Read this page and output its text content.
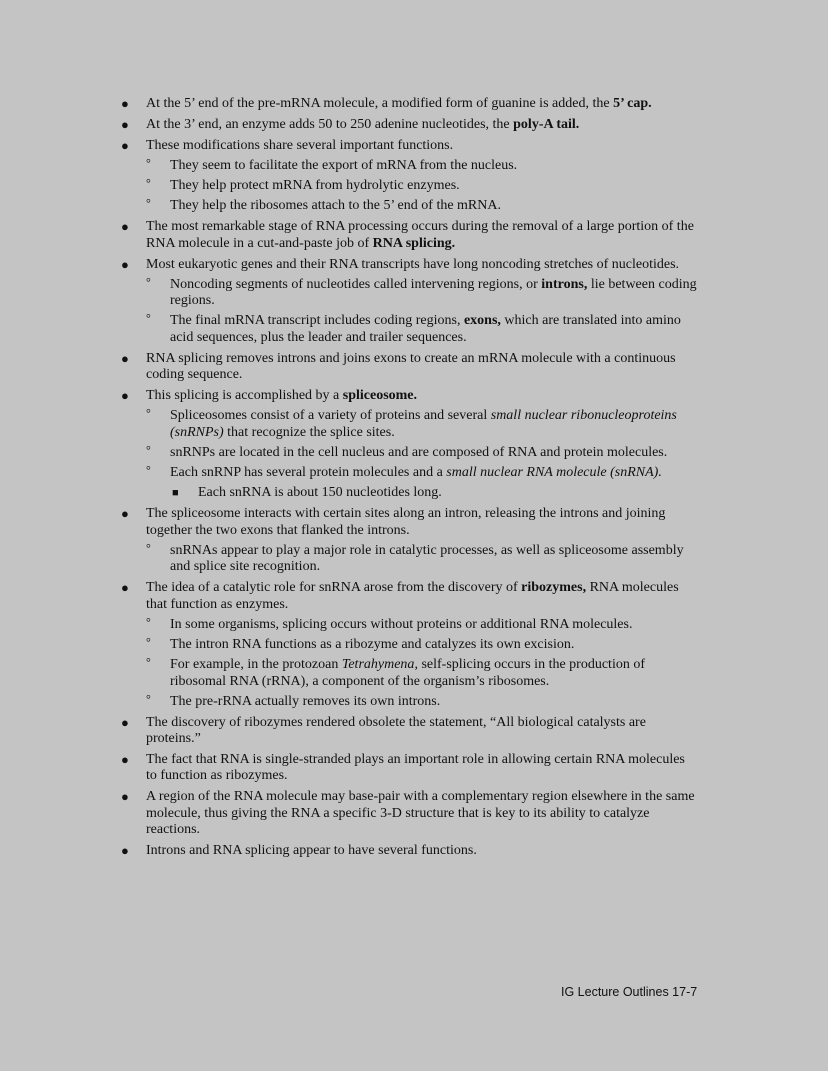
● At the 5’ end of the pre-mRNA molecule, a modified form of guanine is added, the 5’ cap.
● At the 3’ end, an enzyme adds 50 to 250 adenine nucleotides, the poly-A tail.
● These modifications share several important functions.
° They seem to facilitate the export of mRNA from the nucleus.
° They help protect mRNA from hydrolytic enzymes.
° They help the ribosomes attach to the 5’ end of the mRNA.
● The most remarkable stage of RNA processing occurs during the removal of a large portion of the RNA molecule in a cut-and-paste job of RNA splicing.
● Most eukaryotic genes and their RNA transcripts have long noncoding stretches of nucleotides.
° Noncoding segments of nucleotides called intervening regions, or introns, lie between coding regions.
° The final mRNA transcript includes coding regions, exons, which are translated into amino acid sequences, plus the leader and trailer sequences.
● RNA splicing removes introns and joins exons to create an mRNA molecule with a continuous coding sequence.
● This splicing is accomplished by a spliceosome.
° Spliceosomes consist of a variety of proteins and several small nuclear ribonucleoproteins (snRNPs) that recognize the splice sites.
° snRNPs are located in the cell nucleus and are composed of RNA and protein molecules.
° Each snRNP has several protein molecules and a small nuclear RNA molecule (snRNA).
■ Each snRNA is about 150 nucleotides long.
● The spliceosome interacts with certain sites along an intron, releasing the introns and joining together the two exons that flanked the introns.
° snRNAs appear to play a major role in catalytic processes, as well as spliceosome assembly and splice site recognition.
● The idea of a catalytic role for snRNA arose from the discovery of ribozymes, RNA molecules that function as enzymes.
° In some organisms, splicing occurs without proteins or additional RNA molecules.
° The intron RNA functions as a ribozyme and catalyzes its own excision.
° For example, in the protozoan Tetrahymena, self-splicing occurs in the production of ribosomal RNA (rRNA), a component of the organism’s ribosomes.
° The pre-rRNA actually removes its own introns.
● The discovery of ribozymes rendered obsolete the statement, “All biological catalysts are proteins.”
● The fact that RNA is single-stranded plays an important role in allowing certain RNA molecules to function as ribozymes.
● A region of the RNA molecule may base-pair with a complementary region elsewhere in the same molecule, thus giving the RNA a specific 3-D structure that is key to its ability to catalyze reactions.
● Introns and RNA splicing appear to have several functions.
IG Lecture Outlines 17-7
